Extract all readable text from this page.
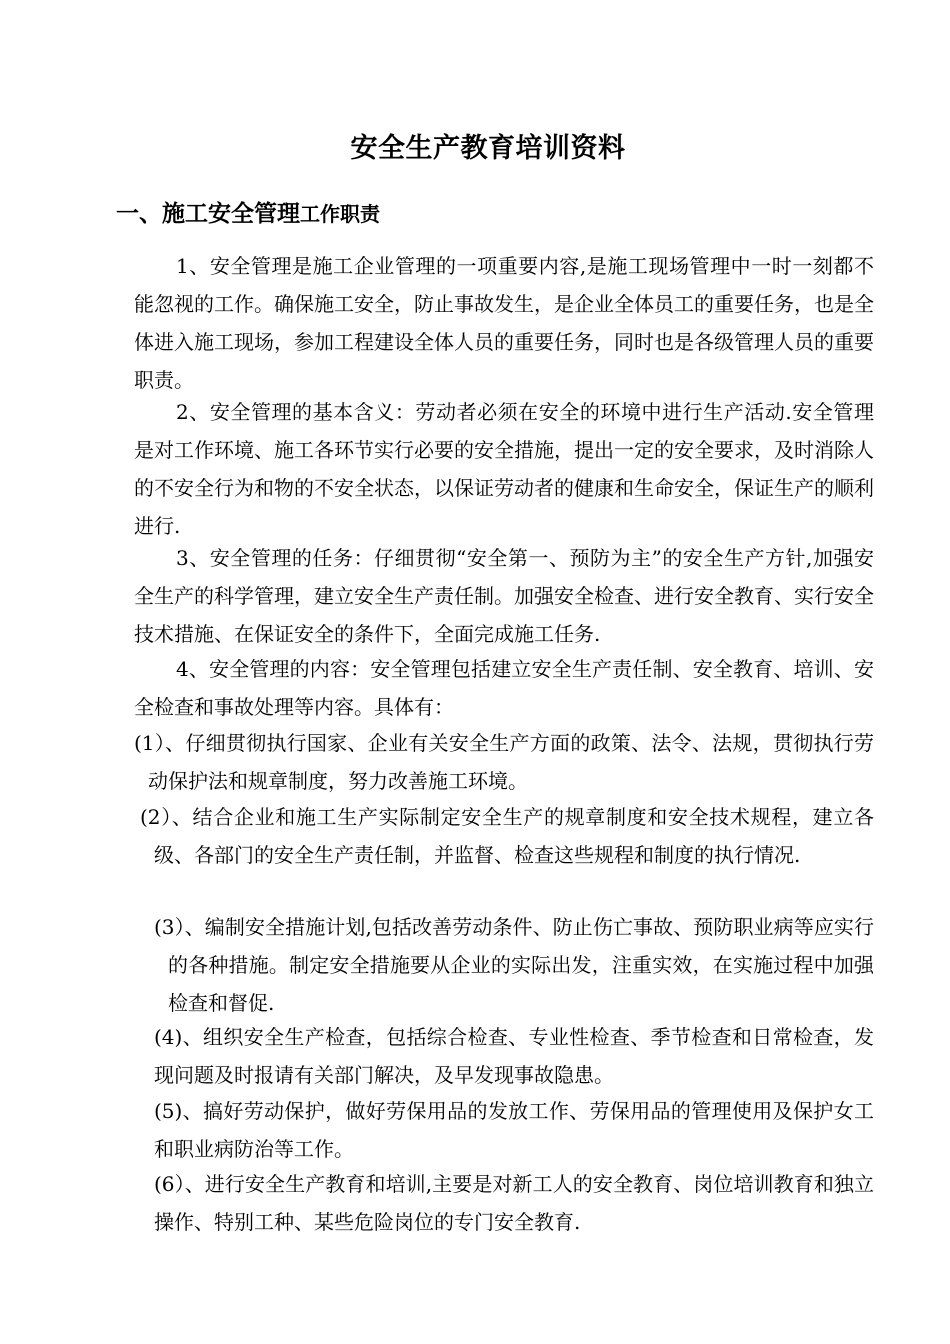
安全生产教育培训资料
一、施工安全管理工作职责

1、安全管理是施工企业管理的一项重要内容,是施工现场管理中一时一刻都不能忽视的工作。确保施工安全，防止事故发生，是企业全体员工的重要任务，也是全体进入施工现场，参加工程建设全体人员的重要任务，同时也是各级管理人员的重要职责。

2、安全管理的基本含义：劳动者必须在安全的环境中进行生产活动.安全管理是对工作环境、施工各环节实行必要的安全措施，提出一定的安全要求，及时消除人的不安全行为和物的不安全状态，以保证劳动者的健康和生命安全，保证生产的顺利进行.

3、安全管理的任务：仔细贯彻“安全第一、预防为主”的安全生产方针,加强安全生产的科学管理，建立安全生产责任制。加强安全检查、进行安全教育、实行安全技术措施、在保证安全的条件下，全面完成施工任务.

4、安全管理的内容：安全管理包括建立安全生产责任制、安全教育、培训、安全检查和事故处理等内容。具体有：

(1）、仔细贯彻执行国家、企业有关安全生产方面的政策、法令、法规，贯彻执行劳动保护法和规章制度，努力改善施工环境。

(2）、结合企业和施工生产实际制定安全生产的规章制度和安全技术规程，建立各级、各部门的安全生产责任制，并监督、检查这些规程和制度的执行情况.

(3）、编制安全措施计划,包括改善劳动条件、防止伤亡事故、预防职业病等应实行的各种措施。制定安全措施要从企业的实际出发，注重实效，在实施过程中加强检查和督促.

(4)、组织安全生产检查，包括综合检查、专业性检查、季节检查和日常检查，发现问题及时报请有关部门解决，及早发现事故隐患。

(5)、搞好劳动保护，做好劳保用品的发放工作、劳保用品的管理使用及保护女工和职业病防治等工作。

(6）、进行安全生产教育和培训,主要是对新工人的安全教育、岗位培训教育和独立操作、特别工种、某些危险岗位的专门安全教育.
